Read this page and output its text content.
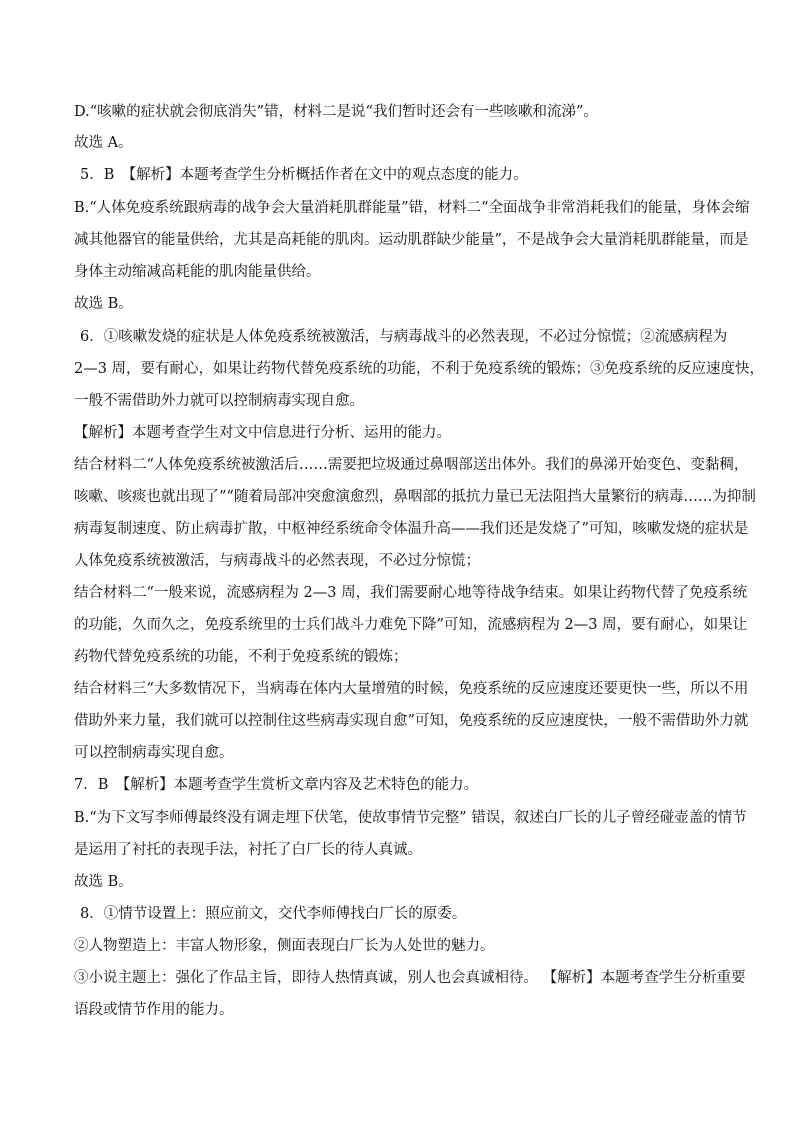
D.“咳嗽的症状就会彻底消失”错，材料二是说“我们暂时还会有一些咳嗽和流涕”。
故选 A。
5．B　【解析】本题考查学生分析概括作者在文中的观点态度的能力。
B.“人体免疫系统跟病毒的战争会大量消耗肌群能量”错，材料二“全面战争非常消耗我们的能量，身体会缩
减其他器官的能量供给，尤其是高耗能的肌肉。运动肌群缺少能量”，不是战争会大量消耗肌群能量，而是
身体主动缩减高耗能的肌肉能量供给。
故选 B。
6．①咳嗽发烧的症状是人体免疫系统被激活，与病毒战斗的必然表现，不必过分惊慌；②流感病程为
2—3 周，要有耐心，如果让药物代替免疫系统的功能，不利于免疫系统的锻炼；③免疫系统的反应速度快，
一般不需借助外力就可以控制病毒实现自愈。
【解析】本题考查学生对文中信息进行分析、运用的能力。
结合材料二“人体免疫系统被激活后……需要把垃圾通过鼻咽部送出体外。我们的鼻涕开始变色、变黏稠，
咳嗽、咳痰也就出现了”“随着局部冲突愈演愈烈，鼻咽部的抵抗力量已无法阻挡大量繁衍的病毒……为抑制
病毒复制速度、防止病毒扩散，中枢神经系统命令体温升高——我们还是发烧了”可知，咳嗽发烧的症状是
人体免疫系统被激活，与病毒战斗的必然表现，不必过分惊慌；
结合材料二“一般来说，流感病程为 2—3 周，我们需要耐心地等待战争结束。如果让药物代替了免疫系统
的功能，久而久之，免疫系统里的士兵们战斗力难免下降”可知，流感病程为 2—3 周，要有耐心，如果让
药物代替免疫系统的功能，不利于免疫系统的锻炼；
结合材料三“大多数情况下，当病毒在体内大量增殖的时候，免疫系统的反应速度还要更快一些，所以不用
借助外来力量，我们就可以控制住这些病毒实现自愈”可知，免疫系统的反应速度快，一般不需借助外力就
可以控制病毒实现自愈。
7．B　【解析】本题考查学生赏析文章内容及艺术特色的能力。
B.“为下文写李师傅最终没有调走埋下伏笔，使故事情节完整” 错误，叙述白厂长的儿子曾经碰壶盖的情节
是运用了衬托的表现手法，衬托了白厂长的待人真诚。
故选 B。
8．①情节设置上：照应前文，交代李师傅找白厂长的原委。
②人物塑造上：丰富人物形象，侧面表现白厂长为人处世的魅力。
③小说主题上：强化了作品主旨，即待人热情真诚，别人也会真诚相待。 【解析】本题考查学生分析重要
语段或情节作用的能力。
